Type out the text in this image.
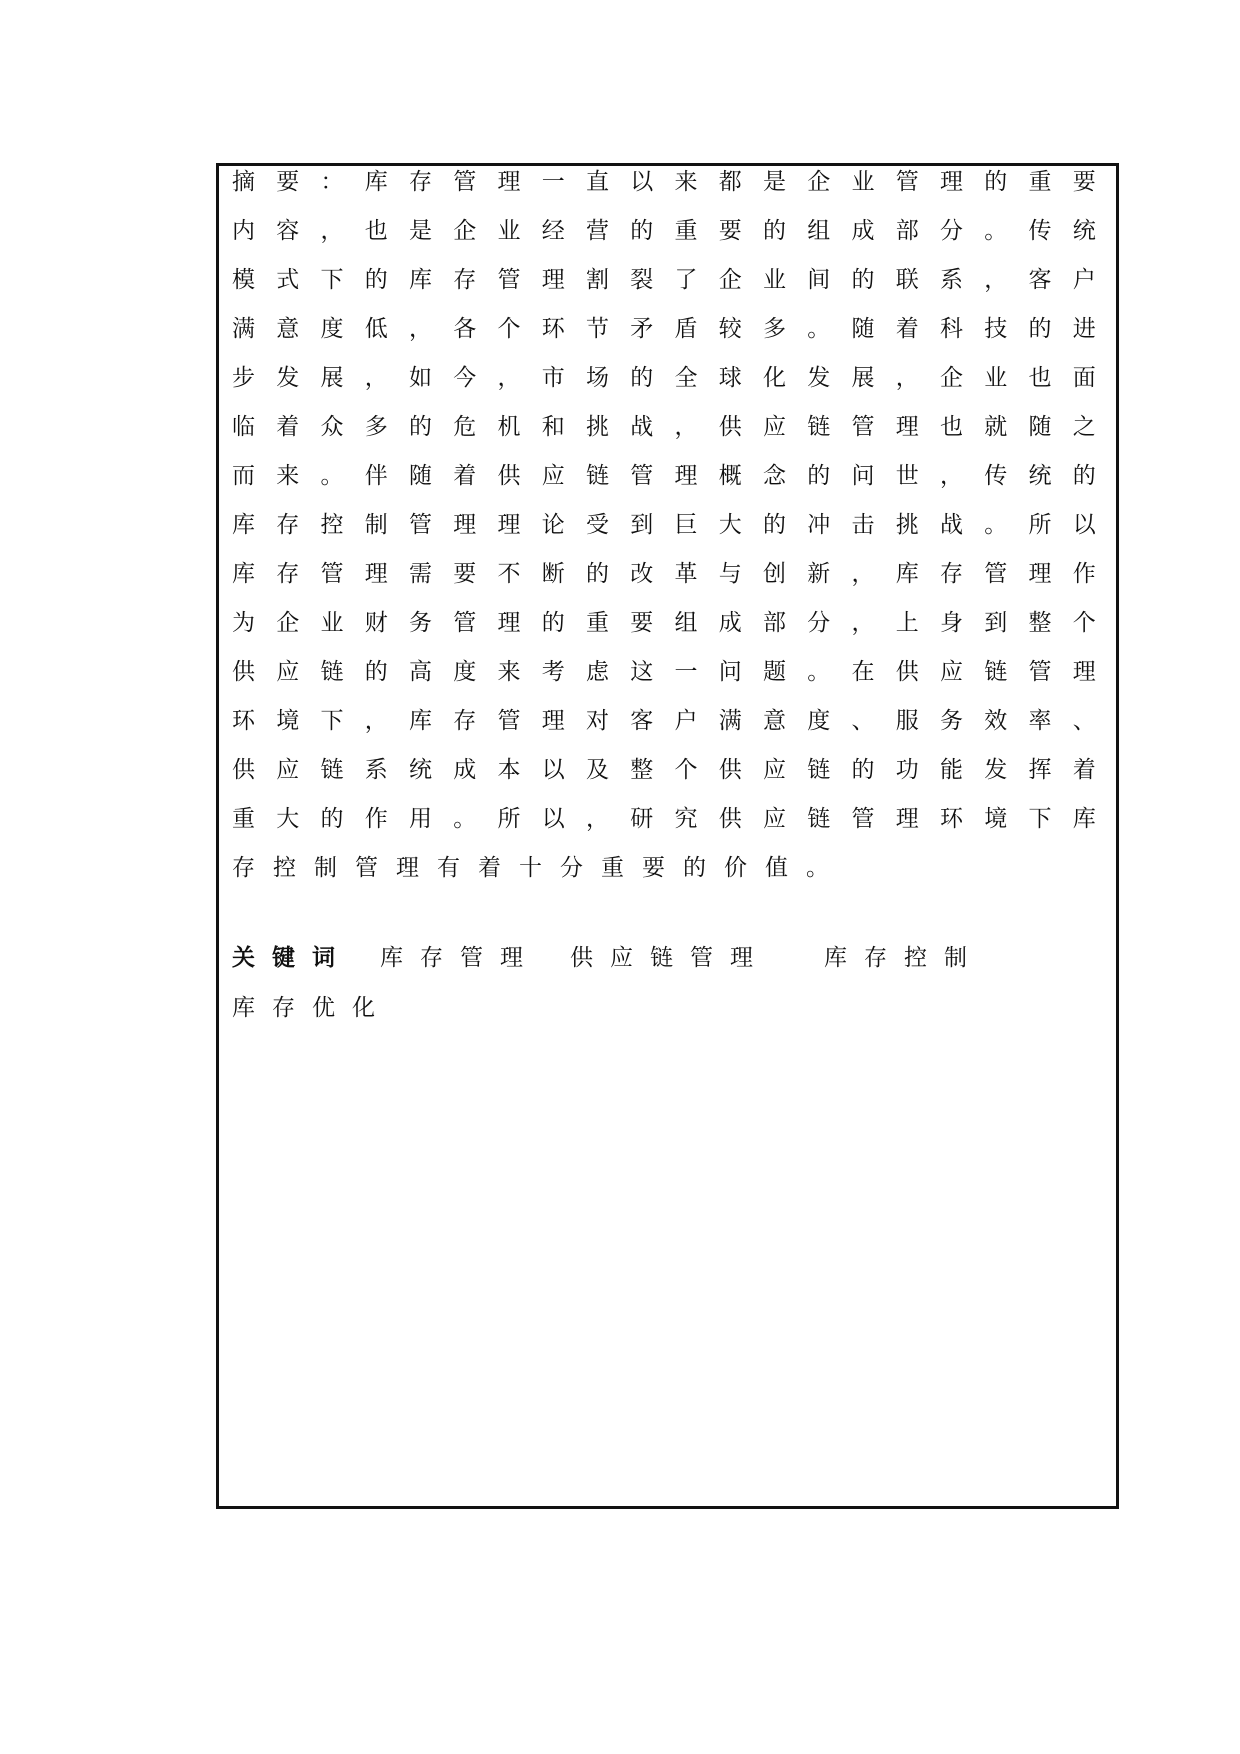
摘 要 ： 库 存 管 理 一 直 以 来 都 是 企 业 管 理 的 重 要
内 容 ， 也 是 企 业 经 营 的 重 要 的 组 成 部 分 。 传 统
模 式 下 的 库 存 管 理 割 裂 了 企 业 间 的 联 系 ， 客 户
满 意 度 低 ， 各 个 环 节 矛 盾 较 多 。 随 着 科 技 的 进
步 发 展 ， 如 今 ， 市 场 的 全 球 化 发 展 ， 企 业 也 面
临 着 众 多 的 危 机 和 挑 战 ， 供 应 链 管 理 也 就 随 之
而 来 。 伴 随 着 供 应 链 管 理 概 念 的 问 世 ， 传 统 的
库 存 控 制 管 理 理 论 受 到 巨 大 的 冲 击 挑 战 。 所 以
库 存 管 理 需 要 不 断 的 改 革 与 创 新 ， 库 存 管 理 作
为 企 业 财 务 管 理 的 重 要 组 成 部 分 ， 上 身 到 整 个
供 应 链 的 高 度 来 考 虑 这 一 问 题 。 在 供 应 链 管 理
环 境 下 ， 库 存 管 理 对 客 户 满 意 度 、 服 务 效 率 、
供 应 链 系 统 成 本 以 及 整 个 供 应 链 的 功 能 发 挥 着
重 大 的 作 用 。 所 以 ， 研 究 供 应 链 管 理 环 境 下 库
存 控 制 管 理 有 着 十 分 重 要 的 价 值 。
关键词 库存管理 供应链管理 库存控制
库存优化
